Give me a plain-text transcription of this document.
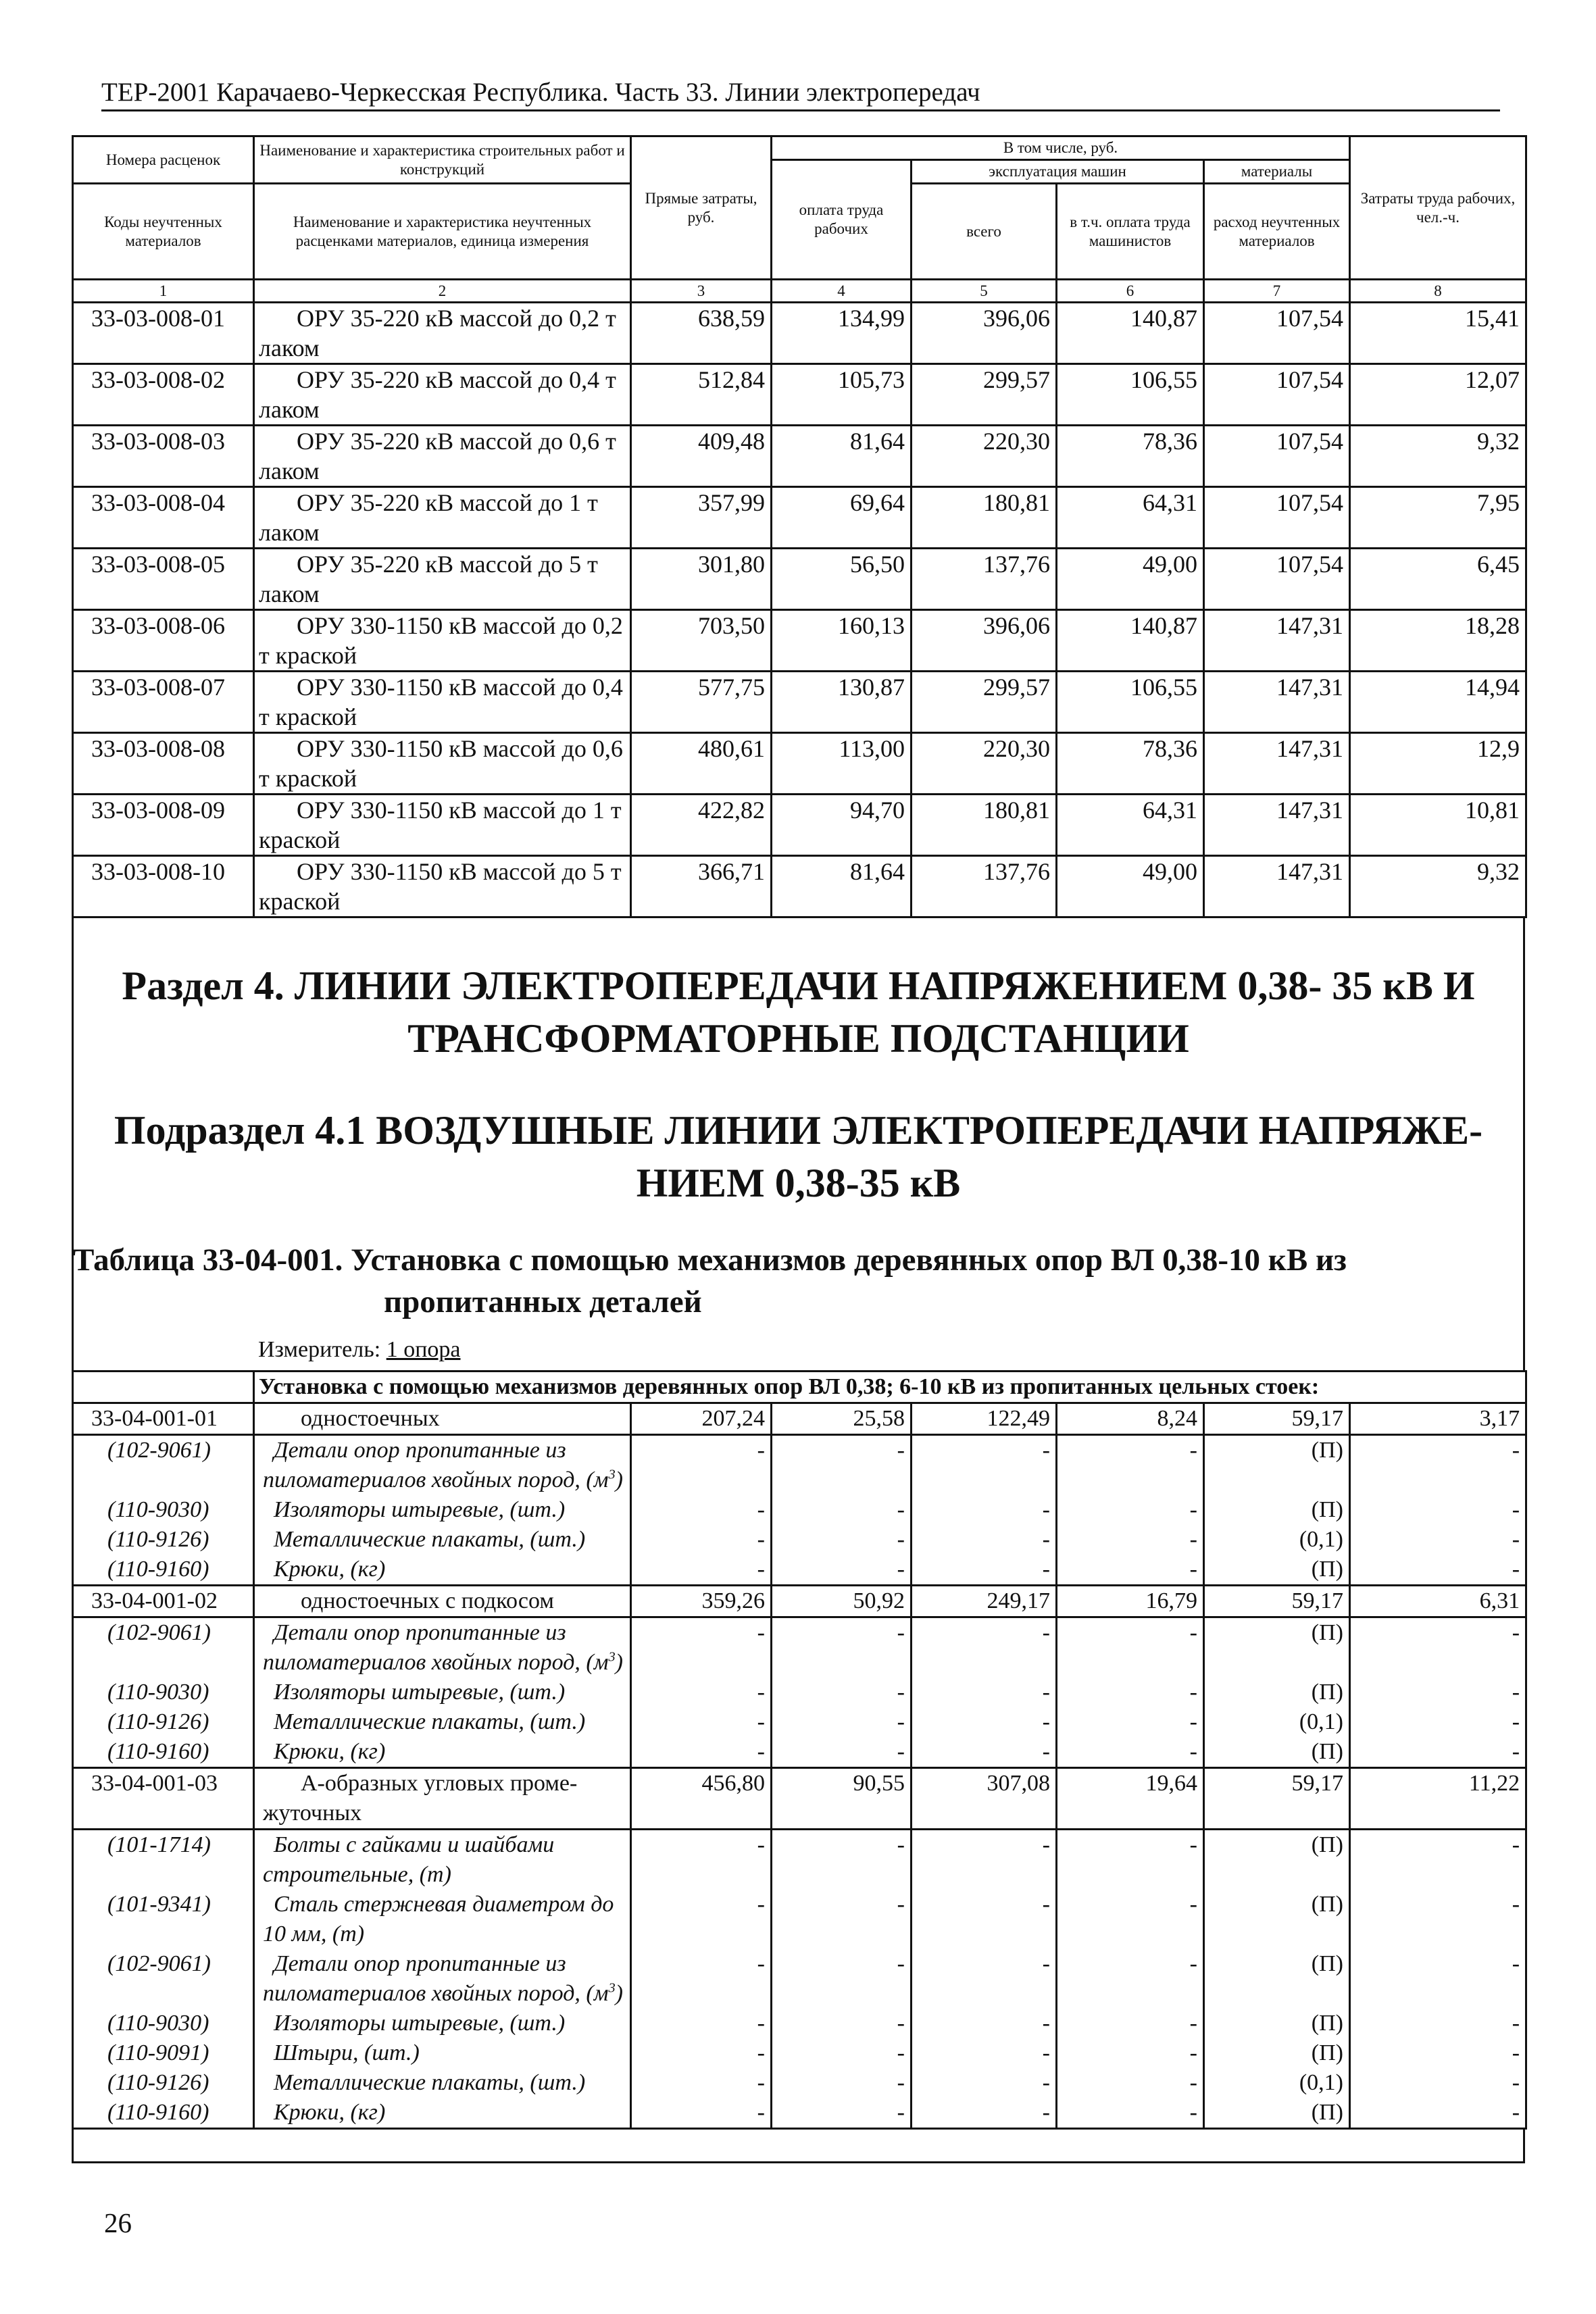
ТЕР-2001 Карачаево-Черкесская Республика. Часть 33. Линии электропередач
Номера расценок	Наименование и характеристика строительных работ и конструкций	Прямые затраты, руб.	В том числе, руб.				Затраты труда рабочих, чел.-ч.
			оплата труда рабочих	эксплуатация машин		материалы	
Коды неучтенных материалов	Наименование и характеристика неучтенных расценками материалов, единица измерения			всего	в т.ч. оплата труда машинистов	расход неучтенных материалов	

1	2	3	4	5	6	7	8
33-03-008-01	ОРУ 35-220 кВ массой до 0,2 т лаком	638,59	134,99	396,06	140,87	107,54	15,41
33-03-008-02	ОРУ 35-220 кВ массой до 0,4 т лаком	512,84	105,73	299,57	106,55	107,54	12,07
33-03-008-03	ОРУ 35-220 кВ массой до 0,6 т лаком	409,48	81,64	220,30	78,36	107,54	9,32
33-03-008-04	ОРУ 35-220 кВ массой до 1 т лаком	357,99	69,64	180,81	64,31	107,54	7,95
33-03-008-05	ОРУ 35-220 кВ массой до 5 т лаком	301,80	56,50	137,76	49,00	107,54	6,45
33-03-008-06	ОРУ 330-1150 кВ массой до 0,2 т краской	703,50	160,13	396,06	140,87	147,31	18,28
33-03-008-07	ОРУ 330-1150 кВ массой до 0,4 т краской	577,75	130,87	299,57	106,55	147,31	14,94
33-03-008-08	ОРУ 330-1150 кВ массой до 0,6 т краской	480,61	113,00	220,30	78,36	147,31	12,9
33-03-008-09	ОРУ 330-1150 кВ массой до 1 т краской	422,82	94,70	180,81	64,31	147,31	10,81
33-03-008-10	ОРУ 330-1150 кВ массой до 5 т краской	366,71	81,64	137,76	49,00	147,31	9,32
Раздел 4. ЛИНИИ ЭЛЕКТРОПЕРЕДАЧИ НАПРЯЖЕНИЕМ 0,38- 35 кВ И ТРАНСФОРМАТОРНЫЕ ПОДСТАНЦИИ
Подраздел 4.1 ВОЗДУШНЫЕ ЛИНИИ ЭЛЕКТРОПЕРЕДАЧИ НАПРЯЖЕ-НИЕМ 0,38-35 кВ
Таблица 33-04-001. Установка с помощью механизмов деревянных опор ВЛ 0,38-10 кВ из
пропитанных деталей
Измеритель: 1 опора
	Установка с помощью механизмов деревянных опор ВЛ 0,38; 6-10 кВ из пропитанных цельных стоек:						
33-04-001-01	одностоечных	207,24	25,58	122,49	8,24	59,17	3,17
(102-9061)	Детали опор пропитанные из пиломатериалов хвойных пород, $(м^3)$	-	-	-	-	(П)	-
(110-9030)	Изоляторы штыревые, (шт.)	-	-	-	-	(П)	-
(110-9126)	Металлические плакаты, (шт.)	-	-	-	-	(0,1)	-
(110-9160)	Крюки, (кг)	-	-	-	-	(П)	-
33-04-001-02	одностоечных с подкосом	359,26	50,92	249,17	16,79	59,17	6,31
(102-9061)	Детали опор пропитанные из пиломатериалов хвойных пород, $(м^3)$	-	-	-	-	(П)	-
(110-9030)	Изоляторы штыревые, (шт.)	-	-	-	-	(П)	-
(110-9126)	Металлические плакаты, (шт.)	-	-	-	-	(0,1)	-
(110-9160)	Крюки, (кг)	-	-	-	-	(П)	-
33-04-001-03	А-образных угловых проме-жуточных	456,80	90,55	307,08	19,64	59,17	11,22
(101-1714)	Болты с гайками и шайбами строительные, (т)	-	-	-	-	(П)	-
(101-9341)	Сталь стержневая диаметром до 10 мм, (т)	-	-	-	-	(П)	-
(102-9061)	Детали опор пропитанные из пиломатериалов хвойных пород, $(м^3)$	-	-	-	-	(П)	-
(110-9030)	Изоляторы штыревые, (шт.)	-	-	-	-	(П)	-
(110-9091)	Штыри, (шт.)	-	-	-	-	(П)	-
(110-9126)	Металлические плакаты, (шт.)	-	-	-	-	(0,1)	-
(110-9160)	Крюки, (кг)	-	-	-	-	(П)	-
26
